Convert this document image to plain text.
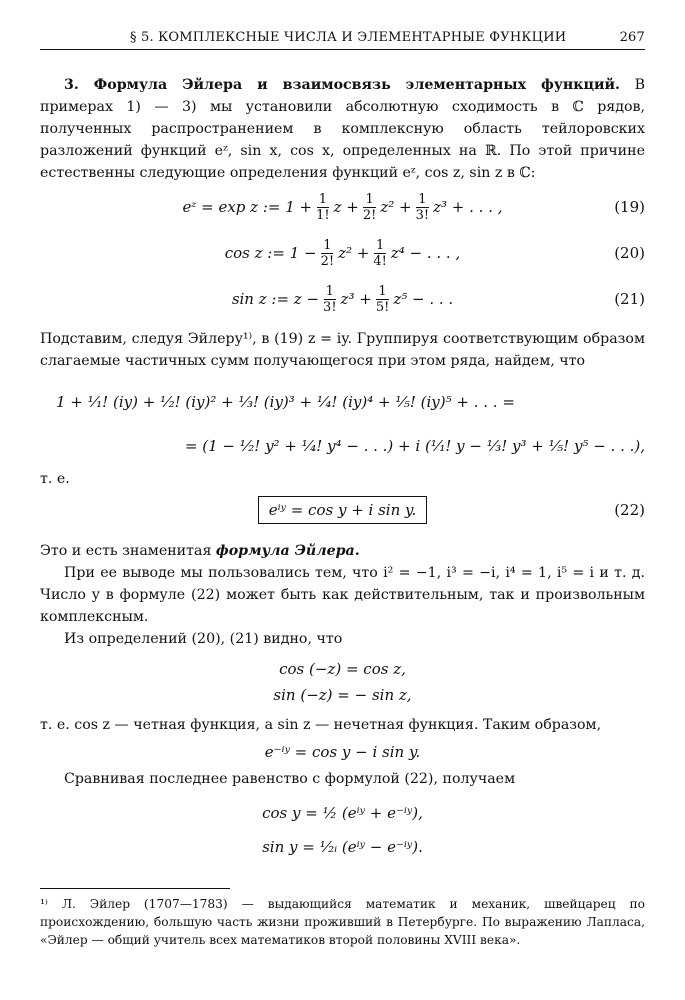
§ 5. КОМПЛЕКСНЫЕ ЧИСЛА И ЭЛЕМЕНТАРНЫЕ ФУНКЦИИ	267

3. Формула Эйлера и взаимосвязь элементарных функций. В примерах 1) — 3) мы установили абсолютную сходимость в ℂ рядов, полученных распространением в комплексную область тейлоровских разложений функций eᶻ, sin x, cos x, определенных на ℝ. По этой причине естественны следующие определения функций eᶻ, cos z, sin z в ℂ:

eᶻ = exp z := $1 + \frac{1}{1!}$ $z + \frac{1}{2!} z^2 + \frac{1}{3!} z^3$ + . . . ,	(19)
cos z := $1 - \frac{1}{2!} z^2 + \frac{1}{4!} z^4$ − . . . ,	(20)
sin z := $z - \frac{1}{3!} z^3 + \frac{1}{5!} z^5$ − . . .	(21)

Подставим, следуя Эйлеру¹⁾, в (19) z = iy. Группируя соответствующим образом слагаемые частичных сумм получающегося при этом ряда, найдем, что

1 + ¹⁄₁! (iy) + ¹⁄₂! (iy)² + ¹⁄₃! (iy)³ + ¹⁄₄! (iy)⁴ + ¹⁄₅! (iy)⁵ + . . . =
= (1 − ¹⁄₂! y² + ¹⁄₄! y⁴ − . . .) + i (¹⁄₁! y − ¹⁄₃! y³ + ¹⁄₅! y⁵ − . . .),

т. е.

eⁱʸ = cos y + i sin y.	(22)

Это и есть знаменитая формула Эйлера.

При ее выводе мы пользовались тем, что i² = −1, i³ = −i, i⁴ = 1, i⁵ = i и т. д. Число y в формуле (22) может быть как действительным, так и произвольным комплексным.

Из определений (20), (21) видно, что

cos (−z) = cos z,
sin (−z) = − sin z,

т. е. cos z — четная функция, а sin z — нечетная функция. Таким образом,

e⁻ⁱʸ = cos y − i sin y.

Сравнивая последнее равенство с формулой (22), получаем

cos y = ½ (eⁱʸ + e⁻ⁱʸ),
sin y = ¹⁄₂ᵢ (eⁱʸ − e⁻ⁱʸ).

¹⁾ Л. Эйлер (1707—1783) — выдающийся математик и механик, швейцарец по происхождению, большую часть жизни проживший в Петербурге. По выражению Лапласа, «Эйлер — общий учитель всех математиков второй половины XVIII века».
